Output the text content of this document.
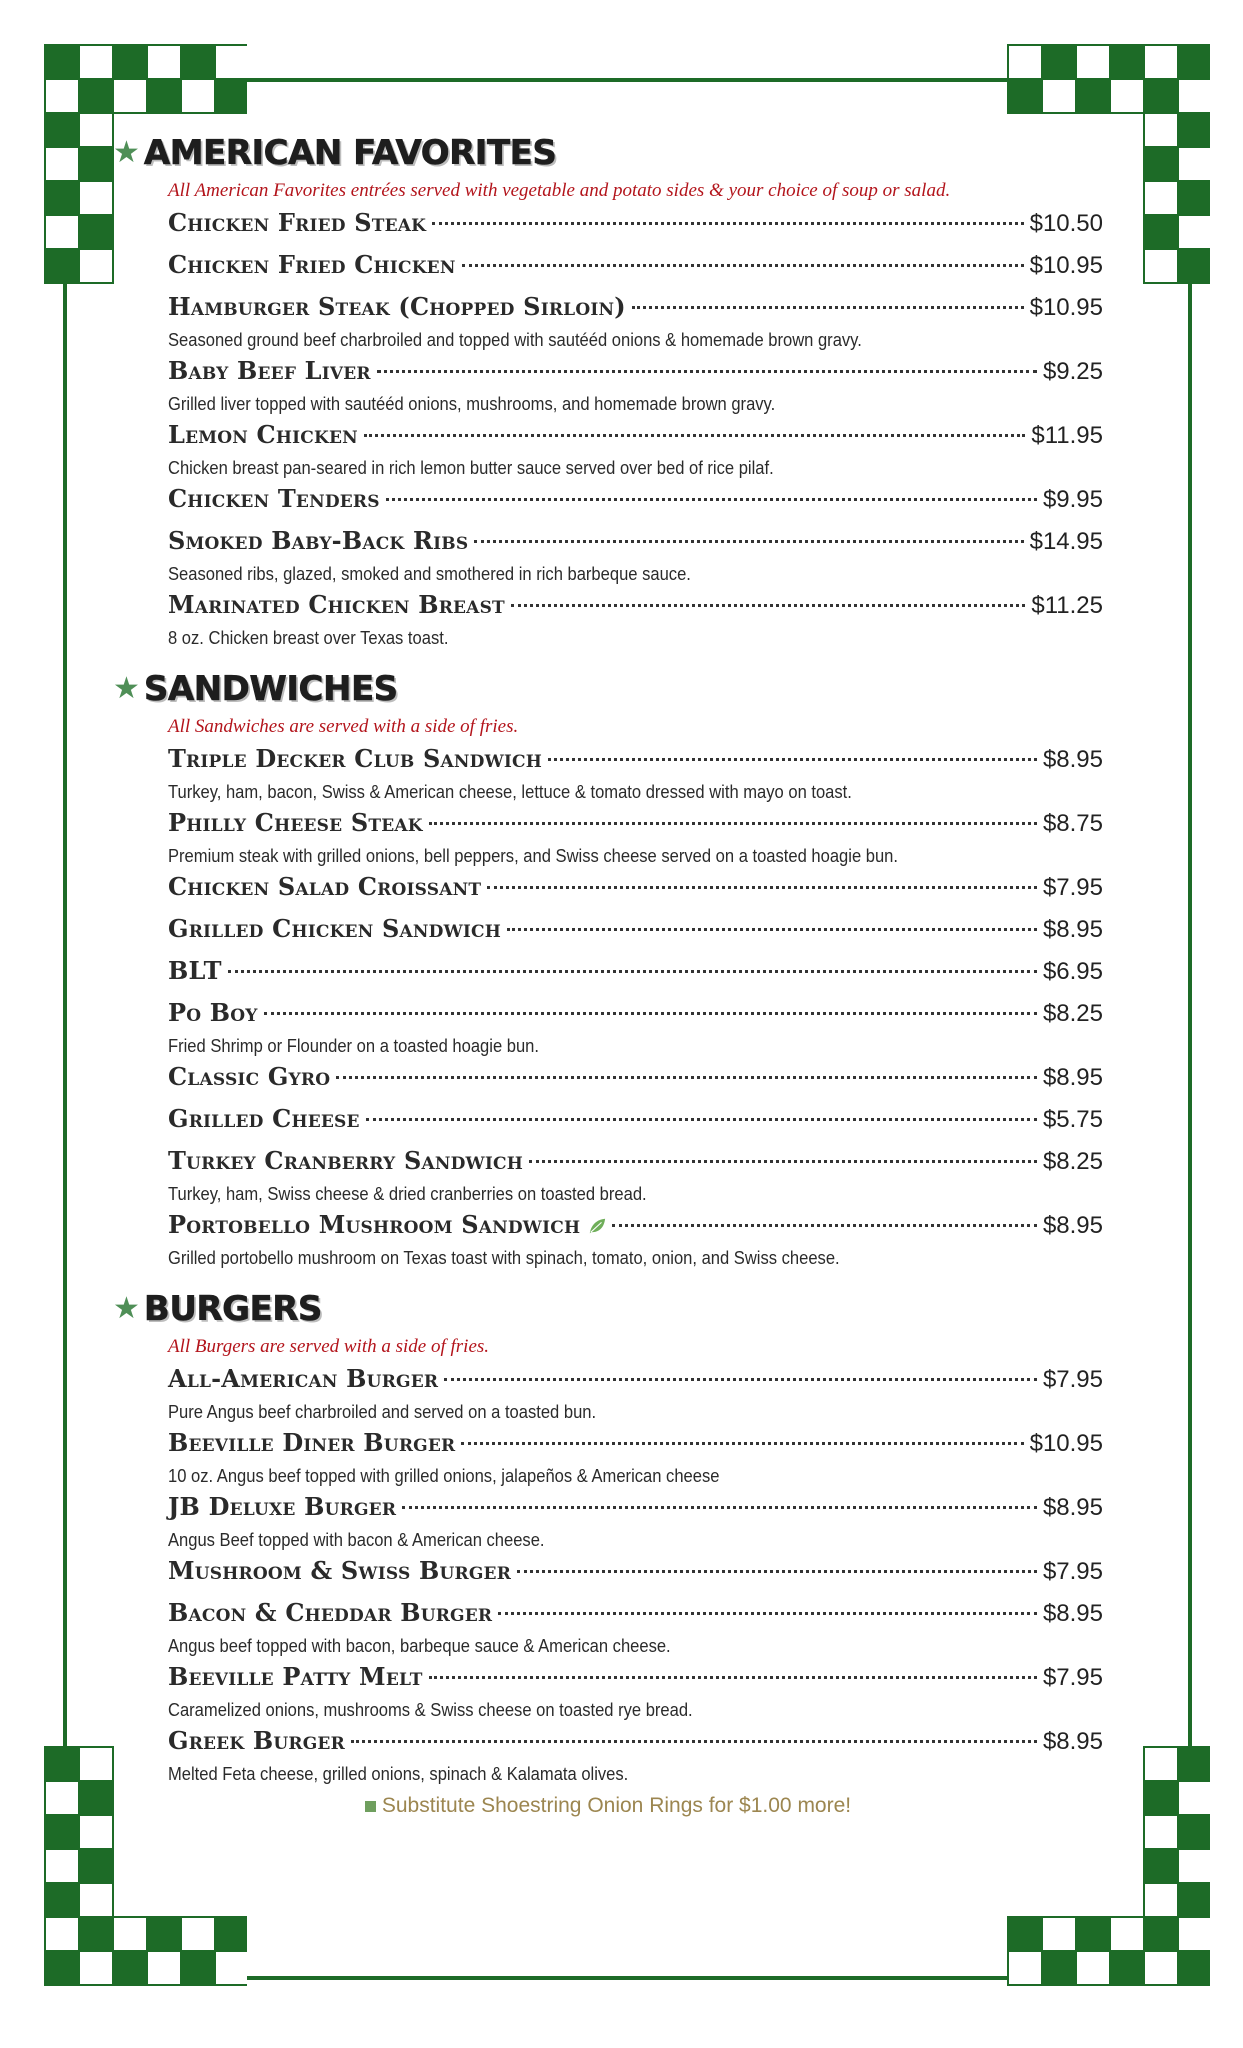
★ AMERICAN FAVORITES
All American Favorites entrées served with vegetable and potato sides & your choice of soup or salad.
Chicken Fried Steak	$10.50
Chicken Fried Chicken	$10.95
Hamburger Steak (Chopped Sirloin)	$10.95
Seasoned ground beef charbroiled and topped with sautééd onions & homemade brown gravy.
Baby Beef Liver	$9.25
Grilled liver topped with sautééd onions, mushrooms, and homemade brown gravy.
Lemon Chicken	$11.95
Chicken breast pan-seared in rich lemon butter sauce served over bed of rice pilaf.
Chicken Tenders	$9.95
Smoked Baby-Back Ribs	$14.95
Seasoned ribs, glazed, smoked and smothered in rich barbeque sauce.
Marinated Chicken Breast	$11.25
8 oz. Chicken breast over Texas toast.
★ SANDWICHES
All Sandwiches are served with a side of fries.
Triple Decker Club Sandwich	$8.95
Turkey, ham, bacon, Swiss & American cheese, lettuce & tomato dressed with mayo on toast.
Philly Cheese Steak	$8.75
Premium steak with grilled onions, bell peppers, and Swiss cheese served on a toasted hoagie bun.
Chicken Salad Croissant	$7.95
Grilled Chicken Sandwich	$8.95
BLT	$6.95
Po Boy	$8.25
Fried Shrimp or Flounder on a toasted hoagie bun.
Classic Gyro	$8.95
Grilled Cheese	$5.75
Turkey Cranberry Sandwich	$8.25
Turkey, ham, Swiss cheese & dried cranberries on toasted bread.
Portobello Mushroom Sandwich	$8.95
Grilled portobello mushroom on Texas toast with spinach, tomato, onion, and Swiss cheese.
★ BURGERS
All Burgers are served with a side of fries.
All-American Burger	$7.95
Pure Angus beef charbroiled and served on a toasted bun.
Beeville Diner Burger	$10.95
10 oz. Angus beef topped with grilled onions, jalapeños & American cheese
JB Deluxe Burger	$8.95
Angus Beef topped with bacon & American cheese.
Mushroom & Swiss Burger	$7.95
Bacon & Cheddar Burger	$8.95
Angus beef topped with bacon, barbeque sauce & American cheese.
Beeville Patty Melt	$7.95
Caramelized onions, mushrooms & Swiss cheese on toasted rye bread.
Greek Burger	$8.95
Melted Feta cheese, grilled onions, spinach & Kalamata olives.
Substitute Shoestring Onion Rings for $1.00 more!
